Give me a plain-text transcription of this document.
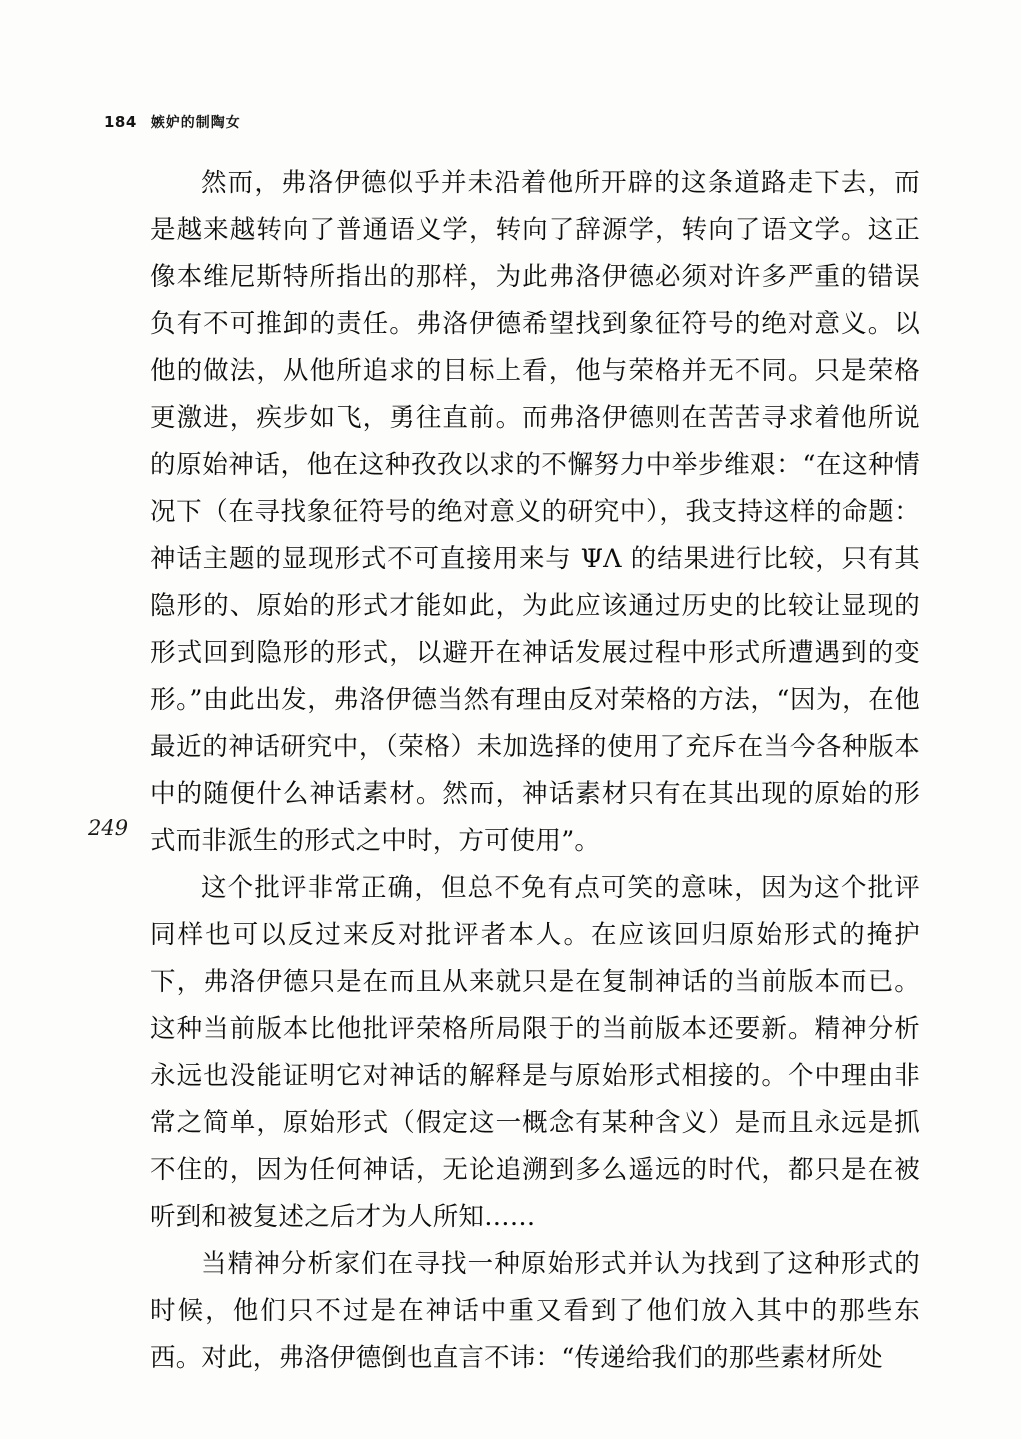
184 嫉妒的制陶女
249

然而，弗洛伊德似乎并未沿着他所开辟的这条道路走下去，而是越来越转向了普通语义学，转向了辞源学，转向了语文学。这正像本维尼斯特所指出的那样，为此弗洛伊德必须对许多严重的错误负有不可推卸的责任。弗洛伊德希望找到象征符号的绝对意义。以他的做法，从他所追求的目标上看，他与荣格并无不同。只是荣格更激进，疾步如飞，勇往直前。而弗洛伊德则在苦苦寻求着他所说的原始神话，他在这种孜孜以求的不懈努力中举步维艰：“在这种情况下（在寻找象征符号的绝对意义的研究中），我支持这样的命题：神话主题的显现形式不可直接用来与 ΨΛ 的结果进行比较，只有其隐形的、原始的形式才能如此，为此应该通过历史的比较让显现的形式回到隐形的形式，以避开在神话发展过程中形式所遭遇到的变形。”由此出发，弗洛伊德当然有理由反对荣格的方法，“因为，在他最近的神话研究中，（荣格）未加选择的使用了充斥在当今各种版本中的随便什么神话素材。然而，神话素材只有在其出现的原始的形式而非派生的形式之中时，方可使用”。

这个批评非常正确，但总不免有点可笑的意味，因为这个批评同样也可以反过来反对批评者本人。在应该回归原始形式的掩护下，弗洛伊德只是在而且从来就只是在复制神话的当前版本而已。这种当前版本比他批评荣格所局限于的当前版本还要新。精神分析永远也没能证明它对神话的解释是与原始形式相接的。个中理由非常之简单，原始形式（假定这一概念有某种含义）是而且永远是抓不住的，因为任何神话，无论追溯到多么遥远的时代，都只是在被听到和被复述之后才为人所知……

当精神分析家们在寻找一种原始形式并认为找到了这种形式的时候，他们只不过是在神话中重又看到了他们放入其中的那些东西。对此，弗洛伊德倒也直言不讳：“传递给我们的那些素材所处
